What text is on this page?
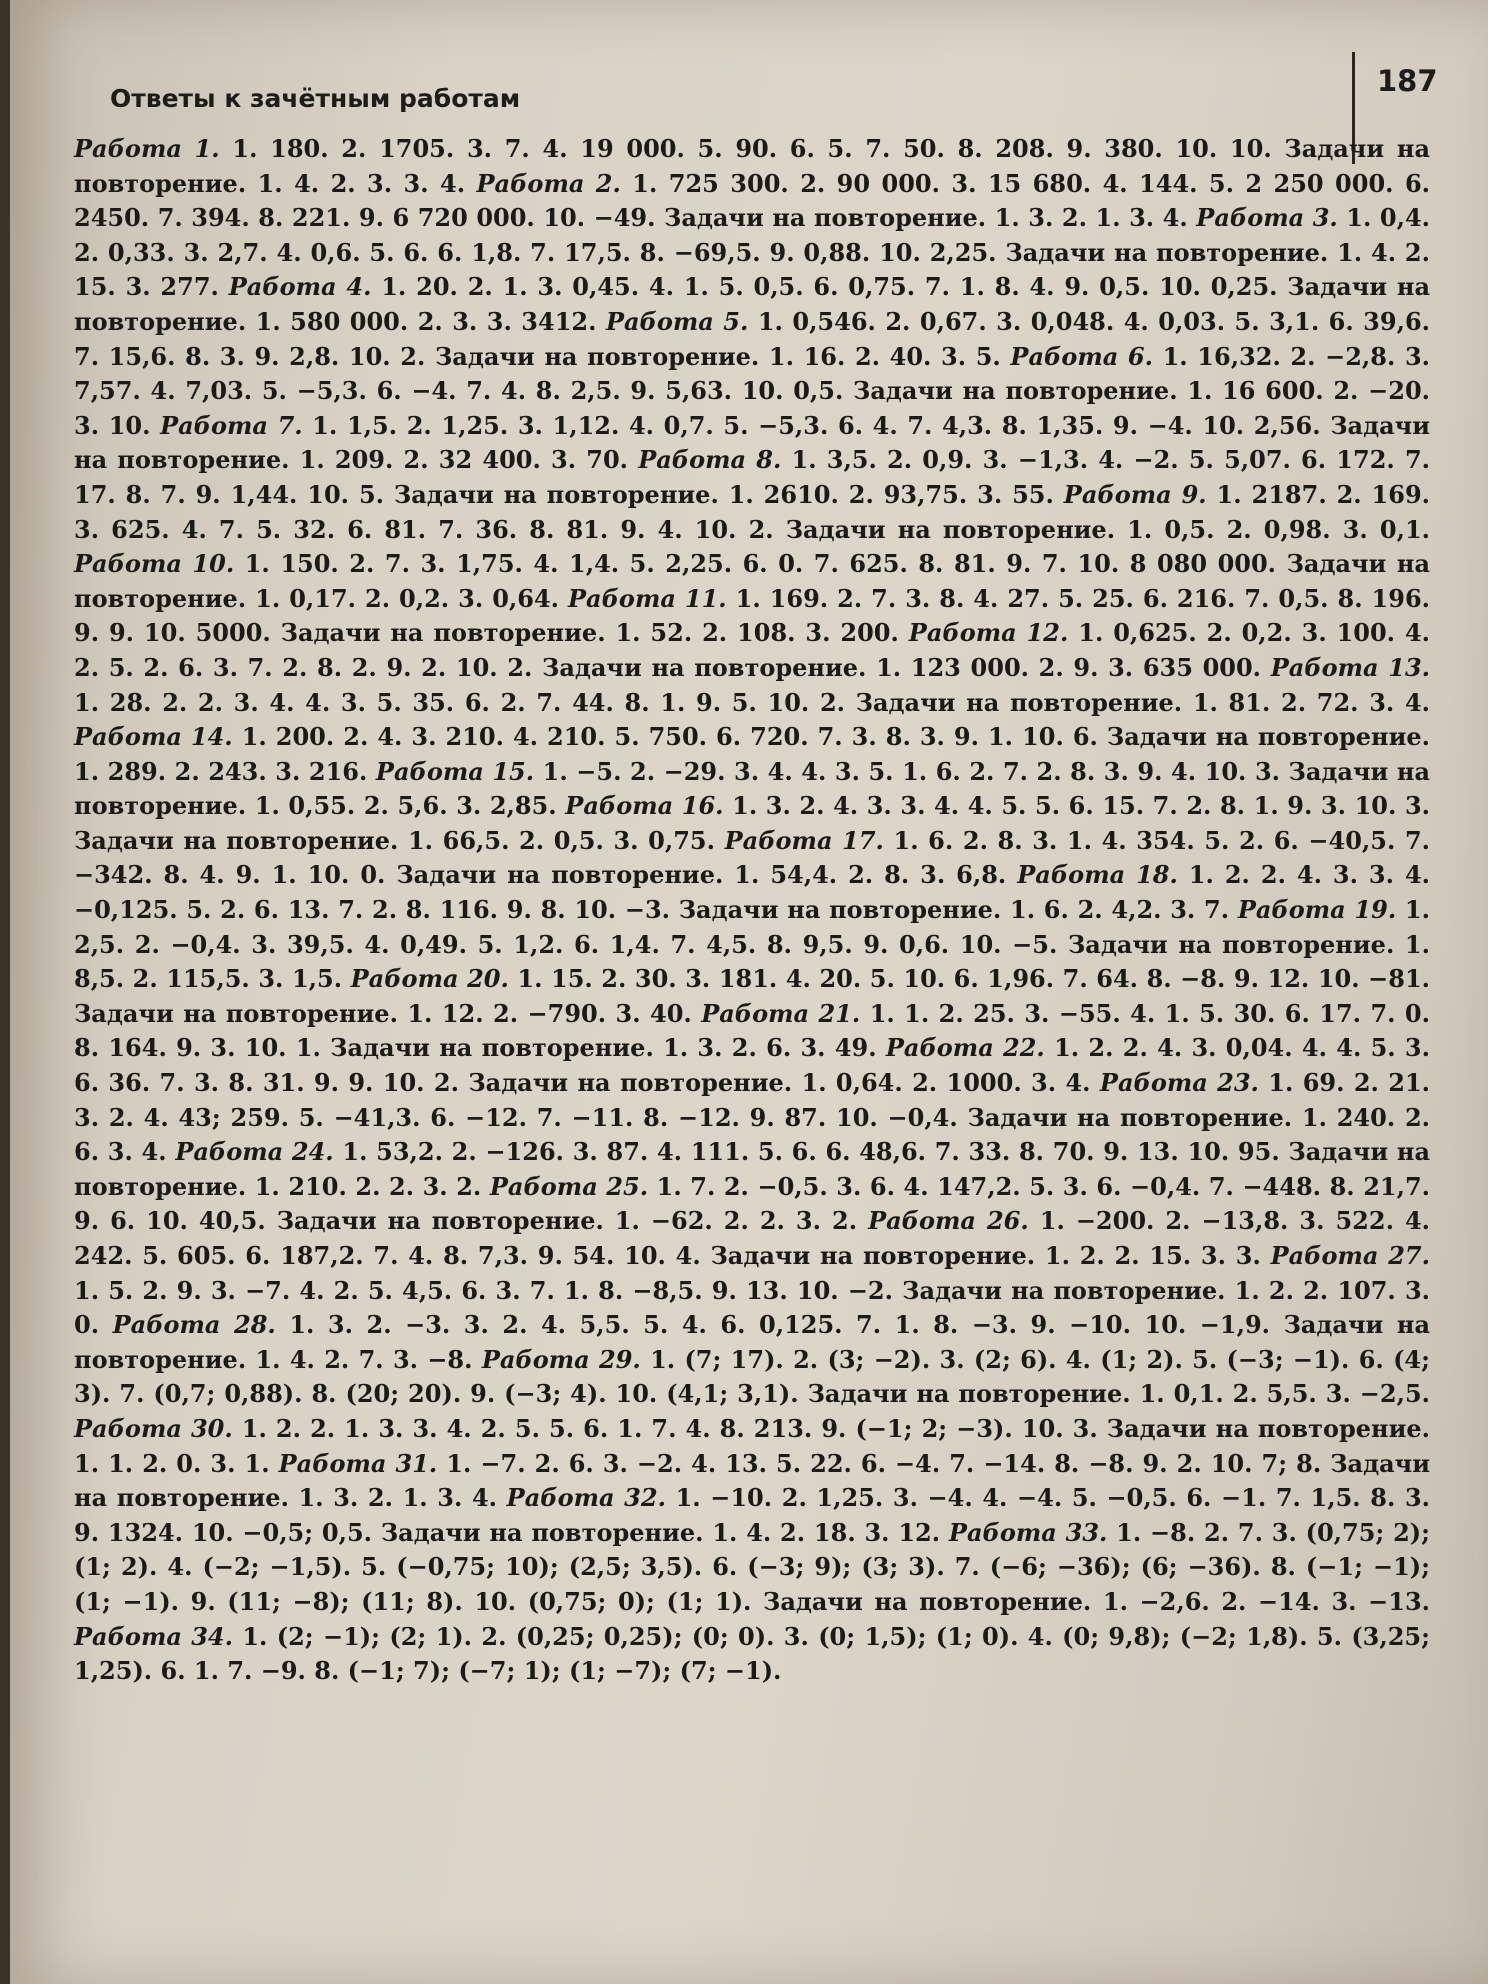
Ответы к зачётным работам
187
Работа 1. 1. 180. 2. 1705. 3. 7. 4. 19 000. 5. 90. 6. 5. 7. 50. 8. 208. 9. 380. 10. 10. Задачи на повторение. 1. 4. 2. 3. 3. 4. Работа 2. 1. 725 300. 2. 90 000. 3. 15 680. 4. 144. 5. 2 250 000. 6. 2450. 7. 394. 8. 221. 9. 6 720 000. 10. −49. Задачи на повторение. 1. 3. 2. 1. 3. 4. Работа 3. 1. 0,4. 2. 0,33. 3. 2,7. 4. 0,6. 5. 6. 6. 1,8. 7. 17,5. 8. −69,5. 9. 0,88. 10. 2,25. Задачи на повторение. 1. 4. 2. 15. 3. 277. Работа 4. 1. 20. 2. 1. 3. 0,45. 4. 1. 5. 0,5. 6. 0,75. 7. 1. 8. 4. 9. 0,5. 10. 0,25. Задачи на повторение. 1. 580 000. 2. 3. 3. 3412. Работа 5. 1. 0,546. 2. 0,67. 3. 0,048. 4. 0,03. 5. 3,1. 6. 39,6. 7. 15,6. 8. 3. 9. 2,8. 10. 2. Задачи на повторение. 1. 16. 2. 40. 3. 5. Работа 6. 1. 16,32. 2. −2,8. 3. 7,57. 4. 7,03. 5. −5,3. 6. −4. 7. 4. 8. 2,5. 9. 5,63. 10. 0,5. Задачи на повторение. 1. 16 600. 2. −20. 3. 10. Работа 7. 1. 1,5. 2. 1,25. 3. 1,12. 4. 0,7. 5. −5,3. 6. 4. 7. 4,3. 8. 1,35. 9. −4. 10. 2,56. Задачи на повторение. 1. 209. 2. 32 400. 3. 70. Работа 8. 1. 3,5. 2. 0,9. 3. −1,3. 4. −2. 5. 5,07. 6. 172. 7. 17. 8. 7. 9. 1,44. 10. 5. Задачи на повторение. 1. 2610. 2. 93,75. 3. 55. Работа 9. 1. 2187. 2. 169. 3. 625. 4. 7. 5. 32. 6. 81. 7. 36. 8. 81. 9. 4. 10. 2. Задачи на повторение. 1. 0,5. 2. 0,98. 3. 0,1. Работа 10. 1. 150. 2. 7. 3. 1,75. 4. 1,4. 5. 2,25. 6. 0. 7. 625. 8. 81. 9. 7. 10. 8 080 000. Задачи на повторение. 1. 0,17. 2. 0,2. 3. 0,64. Работа 11. 1. 169. 2. 7. 3. 8. 4. 27. 5. 25. 6. 216. 7. 0,5. 8. 196. 9. 9. 10. 5000. Задачи на повторение. 1. 52. 2. 108. 3. 200. Работа 12. 1. 0,625. 2. 0,2. 3. 100. 4. 2. 5. 2. 6. 3. 7. 2. 8. 2. 9. 2. 10. 2. Задачи на повторение. 1. 123 000. 2. 9. 3. 635 000. Работа 13. 1. 28. 2. 2. 3. 4. 4. 3. 5. 35. 6. 2. 7. 44. 8. 1. 9. 5. 10. 2. Задачи на повторение. 1. 81. 2. 72. 3. 4. Работа 14. 1. 200. 2. 4. 3. 210. 4. 210. 5. 750. 6. 720. 7. 3. 8. 3. 9. 1. 10. 6. Задачи на повторение. 1. 289. 2. 243. 3. 216. Работа 15. 1. −5. 2. −29. 3. 4. 4. 3. 5. 1. 6. 2. 7. 2. 8. 3. 9. 4. 10. 3. Задачи на повторение. 1. 0,55. 2. 5,6. 3. 2,85. Работа 16. 1. 3. 2. 4. 3. 3. 4. 4. 5. 5. 6. 15. 7. 2. 8. 1. 9. 3. 10. 3. Задачи на повторение. 1. 66,5. 2. 0,5. 3. 0,75. Работа 17. 1. 6. 2. 8. 3. 1. 4. 354. 5. 2. 6. −40,5. 7. −342. 8. 4. 9. 1. 10. 0. Задачи на повторение. 1. 54,4. 2. 8. 3. 6,8. Работа 18. 1. 2. 2. 4. 3. 3. 4. −0,125. 5. 2. 6. 13. 7. 2. 8. 116. 9. 8. 10. −3. Задачи на повторение. 1. 6. 2. 4,2. 3. 7. Работа 19. 1. 2,5. 2. −0,4. 3. 39,5. 4. 0,49. 5. 1,2. 6. 1,4. 7. 4,5. 8. 9,5. 9. 0,6. 10. −5. Задачи на повторение. 1. 8,5. 2. 115,5. 3. 1,5. Работа 20. 1. 15. 2. 30. 3. 181. 4. 20. 5. 10. 6. 1,96. 7. 64. 8. −8. 9. 12. 10. −81. Задачи на повторение. 1. 12. 2. −790. 3. 40. Работа 21. 1. 1. 2. 25. 3. −55. 4. 1. 5. 30. 6. 17. 7. 0. 8. 164. 9. 3. 10. 1. Задачи на повторение. 1. 3. 2. 6. 3. 49. Работа 22. 1. 2. 2. 4. 3. 0,04. 4. 4. 5. 3. 6. 36. 7. 3. 8. 31. 9. 9. 10. 2. Задачи на повторение. 1. 0,64. 2. 1000. 3. 4. Работа 23. 1. 69. 2. 21. 3. 2. 4. 43; 259. 5. −41,3. 6. −12. 7. −11. 8. −12. 9. 87. 10. −0,4. Задачи на повторение. 1. 240. 2. 6. 3. 4. Работа 24. 1. 53,2. 2. −126. 3. 87. 4. 111. 5. 6. 6. 48,6. 7. 33. 8. 70. 9. 13. 10. 95. Задачи на повторение. 1. 210. 2. 2. 3. 2. Работа 25. 1. 7. 2. −0,5. 3. 6. 4. 147,2. 5. 3. 6. −0,4. 7. −448. 8. 21,7. 9. 6. 10. 40,5. Задачи на повторение. 1. −62. 2. 2. 3. 2. Работа 26. 1. −200. 2. −13,8. 3. 522. 4. 242. 5. 605. 6. 187,2. 7. 4. 8. 7,3. 9. 54. 10. 4. Задачи на повторение. 1. 2. 2. 15. 3. 3. Работа 27. 1. 5. 2. 9. 3. −7. 4. 2. 5. 4,5. 6. 3. 7. 1. 8. −8,5. 9. 13. 10. −2. Задачи на повторение. 1. 2. 2. 107. 3. 0. Работа 28. 1. 3. 2. −3. 3. 2. 4. 5,5. 5. 4. 6. 0,125. 7. 1. 8. −3. 9. −10. 10. −1,9. Задачи на повторение. 1. 4. 2. 7. 3. −8. Работа 29. 1. (7; 17). 2. (3; −2). 3. (2; 6). 4. (1; 2). 5. (−3; −1). 6. (4; 3). 7. (0,7; 0,88). 8. (20; 20). 9. (−3; 4). 10. (4,1; 3,1). Задачи на повторение. 1. 0,1. 2. 5,5. 3. −2,5. Работа 30. 1. 2. 2. 1. 3. 3. 4. 2. 5. 5. 6. 1. 7. 4. 8. 213. 9. (−1; 2; −3). 10. 3. Задачи на повторение. 1. 1. 2. 0. 3. 1. Работа 31. 1. −7. 2. 6. 3. −2. 4. 13. 5. 22. 6. −4. 7. −14. 8. −8. 9. 2. 10. 7; 8. Задачи на повторение. 1. 3. 2. 1. 3. 4. Работа 32. 1. −10. 2. 1,25. 3. −4. 4. −4. 5. −0,5. 6. −1. 7. 1,5. 8. 3. 9. 1324. 10. −0,5; 0,5. Задачи на повторение. 1. 4. 2. 18. 3. 12. Работа 33. 1. −8. 2. 7. 3. (0,75; 2); (1; 2). 4. (−2; −1,5). 5. (−0,75; 10); (2,5; 3,5). 6. (−3; 9); (3; 3). 7. (−6; −36); (6; −36). 8. (−1; −1); (1; −1). 9. (11; −8); (11; 8). 10. (0,75; 0); (1; 1). Задачи на повторение. 1. −2,6. 2. −14. 3. −13. Работа 34. 1. (2; −1); (2; 1). 2. (0,25; 0,25); (0; 0). 3. (0; 1,5); (1; 0). 4. (0; 9,8); (−2; 1,8). 5. (3,25; 1,25). 6. 1. 7. −9. 8. (−1; 7); (−7; 1); (1; −7); (7; −1).
